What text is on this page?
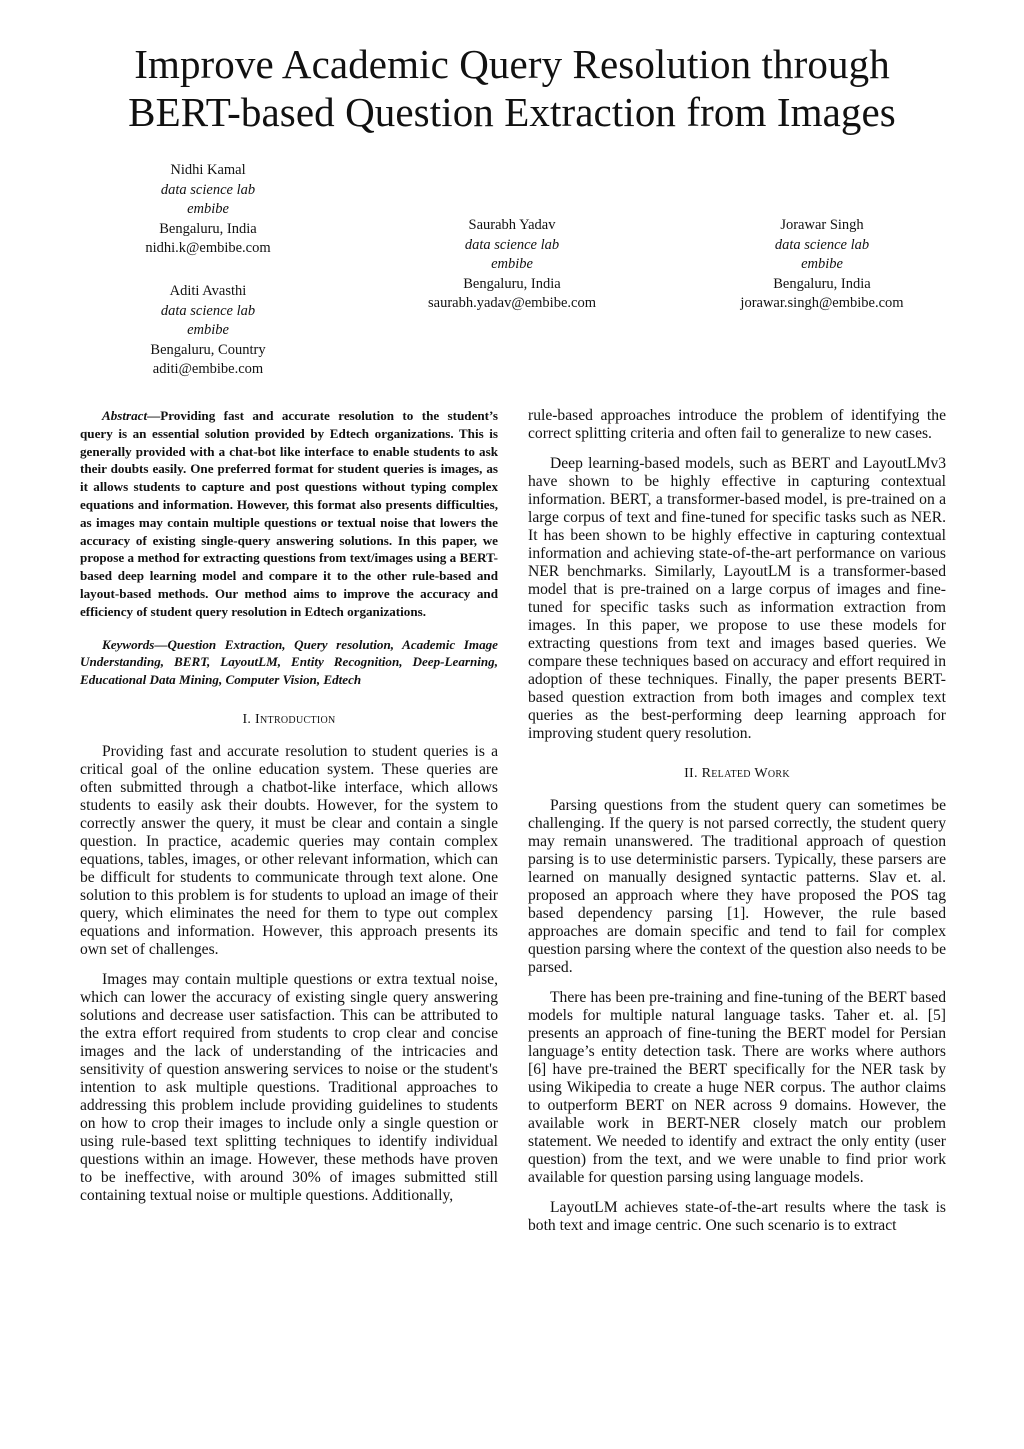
Improve Academic Query Resolution through
BERT-based Question Extraction from Images
Nidhi Kamal
data science lab
embibe
Bengaluru, India
nidhi.k@embibe.com
Aditi Avasthi
data science lab
embibe
Bengaluru, Country
aditi@embibe.com
Saurabh Yadav
data science lab
embibe
Bengaluru, India
saurabh.yadav@embibe.com
Jorawar Singh
data science lab
embibe
Bengaluru, India
jorawar.singh@embibe.com

Abstract—Providing fast and accurate resolution to the student’s query is an essential solution provided by Edtech organizations. This is generally provided with a chat-bot like interface to enable students to ask their doubts easily. One preferred format for student queries is images, as it allows students to capture and post questions without typing complex equations and information. However, this format also presents difficulties, as images may contain multiple questions or textual noise that lowers the accuracy of existing single-query answering solutions. In this paper, we propose a method for extracting questions from text/images using a BERT-based deep learning model and compare it to the other rule-based and layout-based methods. Our method aims to improve the accuracy and efficiency of student query resolution in Edtech organizations.

Keywords—Question Extraction, Query resolution, Academic Image Understanding, BERT, LayoutLM, Entity Recognition, Deep-Learning, Educational Data Mining, Computer Vision, Edtech

I. Introduction

Providing fast and accurate resolution to student queries is a critical goal of the online education system. These queries are often submitted through a chatbot-like interface, which allows students to easily ask their doubts. However, for the system to correctly answer the query, it must be clear and contain a single question. In practice, academic queries may contain complex equations, tables, images, or other relevant information, which can be difficult for students to communicate through text alone. One solution to this problem is for students to upload an image of their query, which eliminates the need for them to type out complex equations and information. However, this approach presents its own set of challenges.

Images may contain multiple questions or extra textual noise, which can lower the accuracy of existing single query answering solutions and decrease user satisfaction. This can be attributed to the extra effort required from students to crop clear and concise images and the lack of understanding of the intricacies and sensitivity of question answering services to noise or the student's intention to ask multiple questions. Traditional approaches to addressing this problem include providing guidelines to students on how to crop their images to include only a single question or using rule-based text splitting techniques to identify individual questions within an image. However, these methods have proven to be ineffective, with around 30% of images submitted still containing textual noise or multiple questions. Additionally,

rule-based approaches introduce the problem of identifying the correct splitting criteria and often fail to generalize to new cases.

Deep learning-based models, such as BERT and LayoutLMv3 have shown to be highly effective in capturing contextual information. BERT, a transformer-based model, is pre-trained on a large corpus of text and fine-tuned for specific tasks such as NER. It has been shown to be highly effective in capturing contextual information and achieving state-of-the-art performance on various NER benchmarks. Similarly, LayoutLM is a transformer-based model that is pre-trained on a large corpus of images and fine-tuned for specific tasks such as information extraction from images. In this paper, we propose to use these models for extracting questions from text and images based queries. We compare these techniques based on accuracy and effort required in adoption of these techniques. Finally, the paper presents BERT-based question extraction from both images and complex text queries as the best-performing deep learning approach for improving student query resolution.

II. Related Work

Parsing questions from the student query can sometimes be challenging. If the query is not parsed correctly, the student query may remain unanswered. The traditional approach of question parsing is to use deterministic parsers. Typically, these parsers are learned on manually designed syntactic patterns. Slav et. al. proposed an approach where they have proposed the POS tag based dependency parsing [1]. However, the rule based approaches are domain specific and tend to fail for complex question parsing where the context of the question also needs to be parsed.

There has been pre-training and fine-tuning of the BERT based models for multiple natural language tasks. Taher et. al. [5] presents an approach of fine-tuning the BERT model for Persian language’s entity detection task. There are works where authors [6] have pre-trained the BERT specifically for the NER task by using Wikipedia to create a huge NER corpus. The author claims to outperform BERT on NER across 9 domains. However, the available work in BERT-NER closely match our problem statement. We needed to identify and extract the only entity (user question) from the text, and we were unable to find prior work available for question parsing using language models.

LayoutLM achieves state-of-the-art results where the task is both text and image centric. One such scenario is to extract
